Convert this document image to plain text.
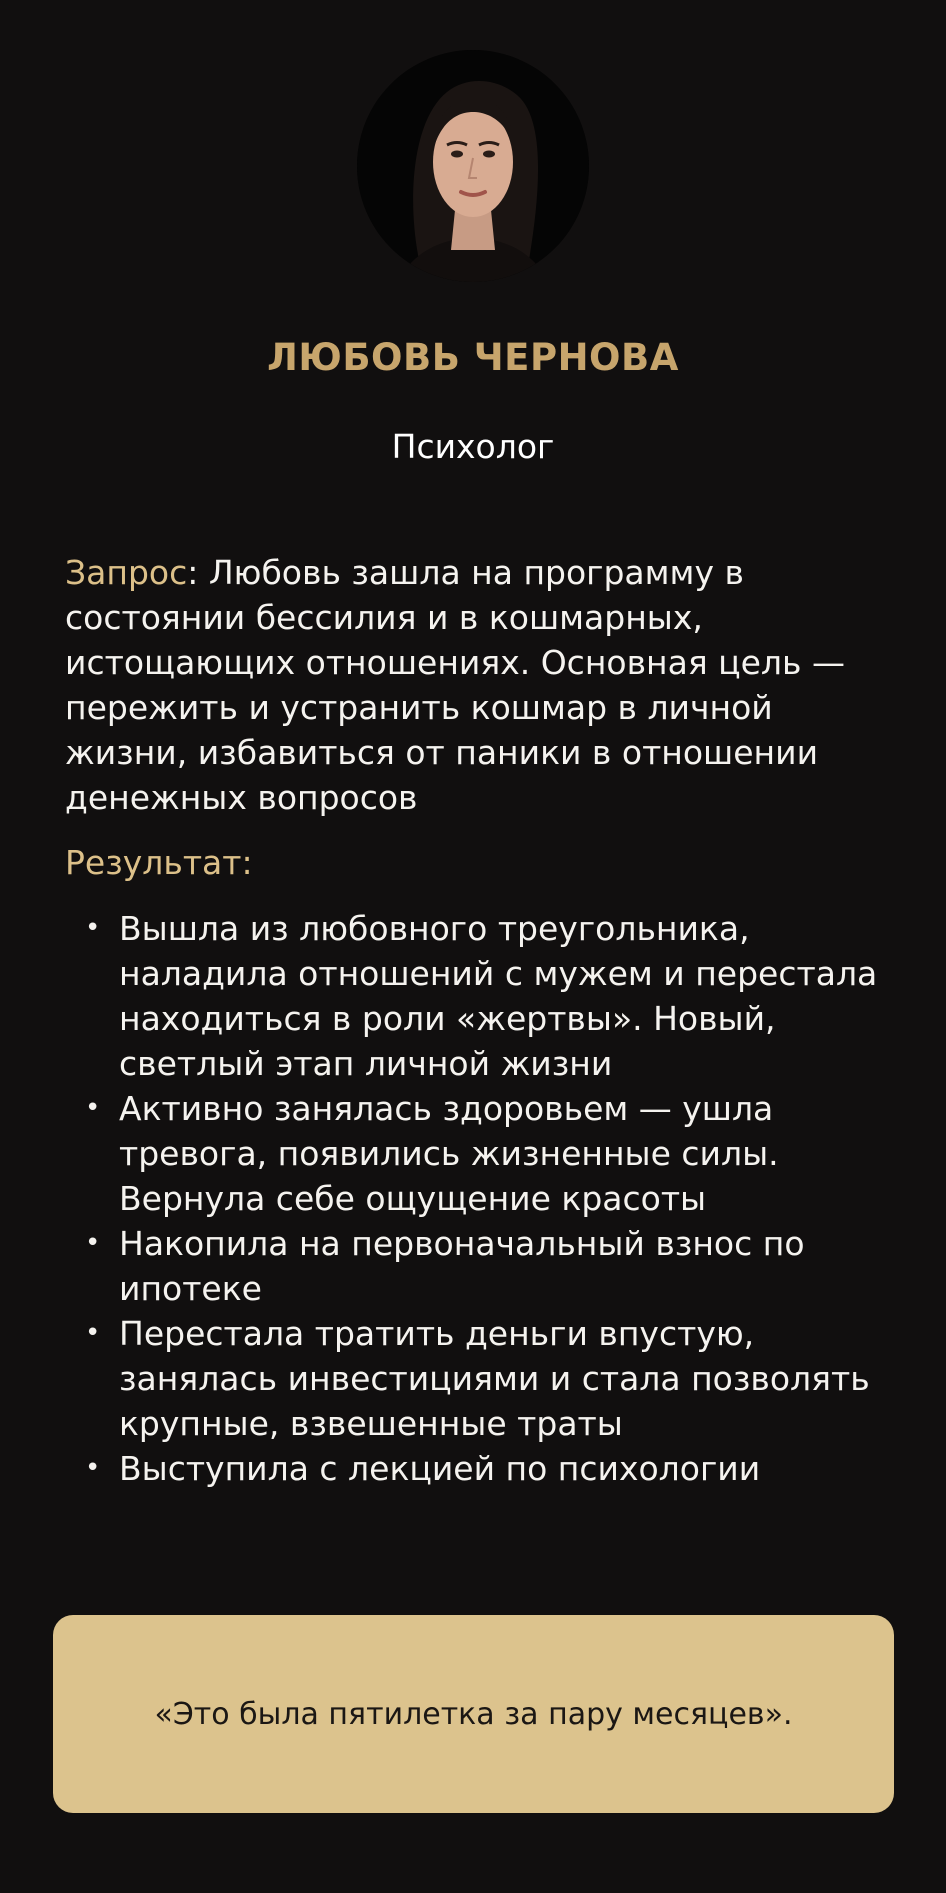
ЛЮБОВЬ ЧЕРНОВА
Психолог

Запрос: Любовь зашла на программу в состоянии бессилия и в кошмарных, истощающих отношениях. Основная цель — пережить и устранить кошмар в личной жизни, избавиться от паники в отношении денежных вопросов

Результат:
• Вышла из любовного треугольника, наладила отношений с мужем и перестала находиться в роли «жертвы». Новый, светлый этап личной жизни
• Активно занялась здоровьем — ушла тревога, появились жизненные силы. Вернула себе ощущение красоты
• Накопила на первоначальный взнос по ипотеке
• Перестала тратить деньги впустую, занялась инвестициями и стала позволять крупные, взвешенные траты
• Выступила с лекцией по психологии
«Это была пятилетка за пару месяцев».
